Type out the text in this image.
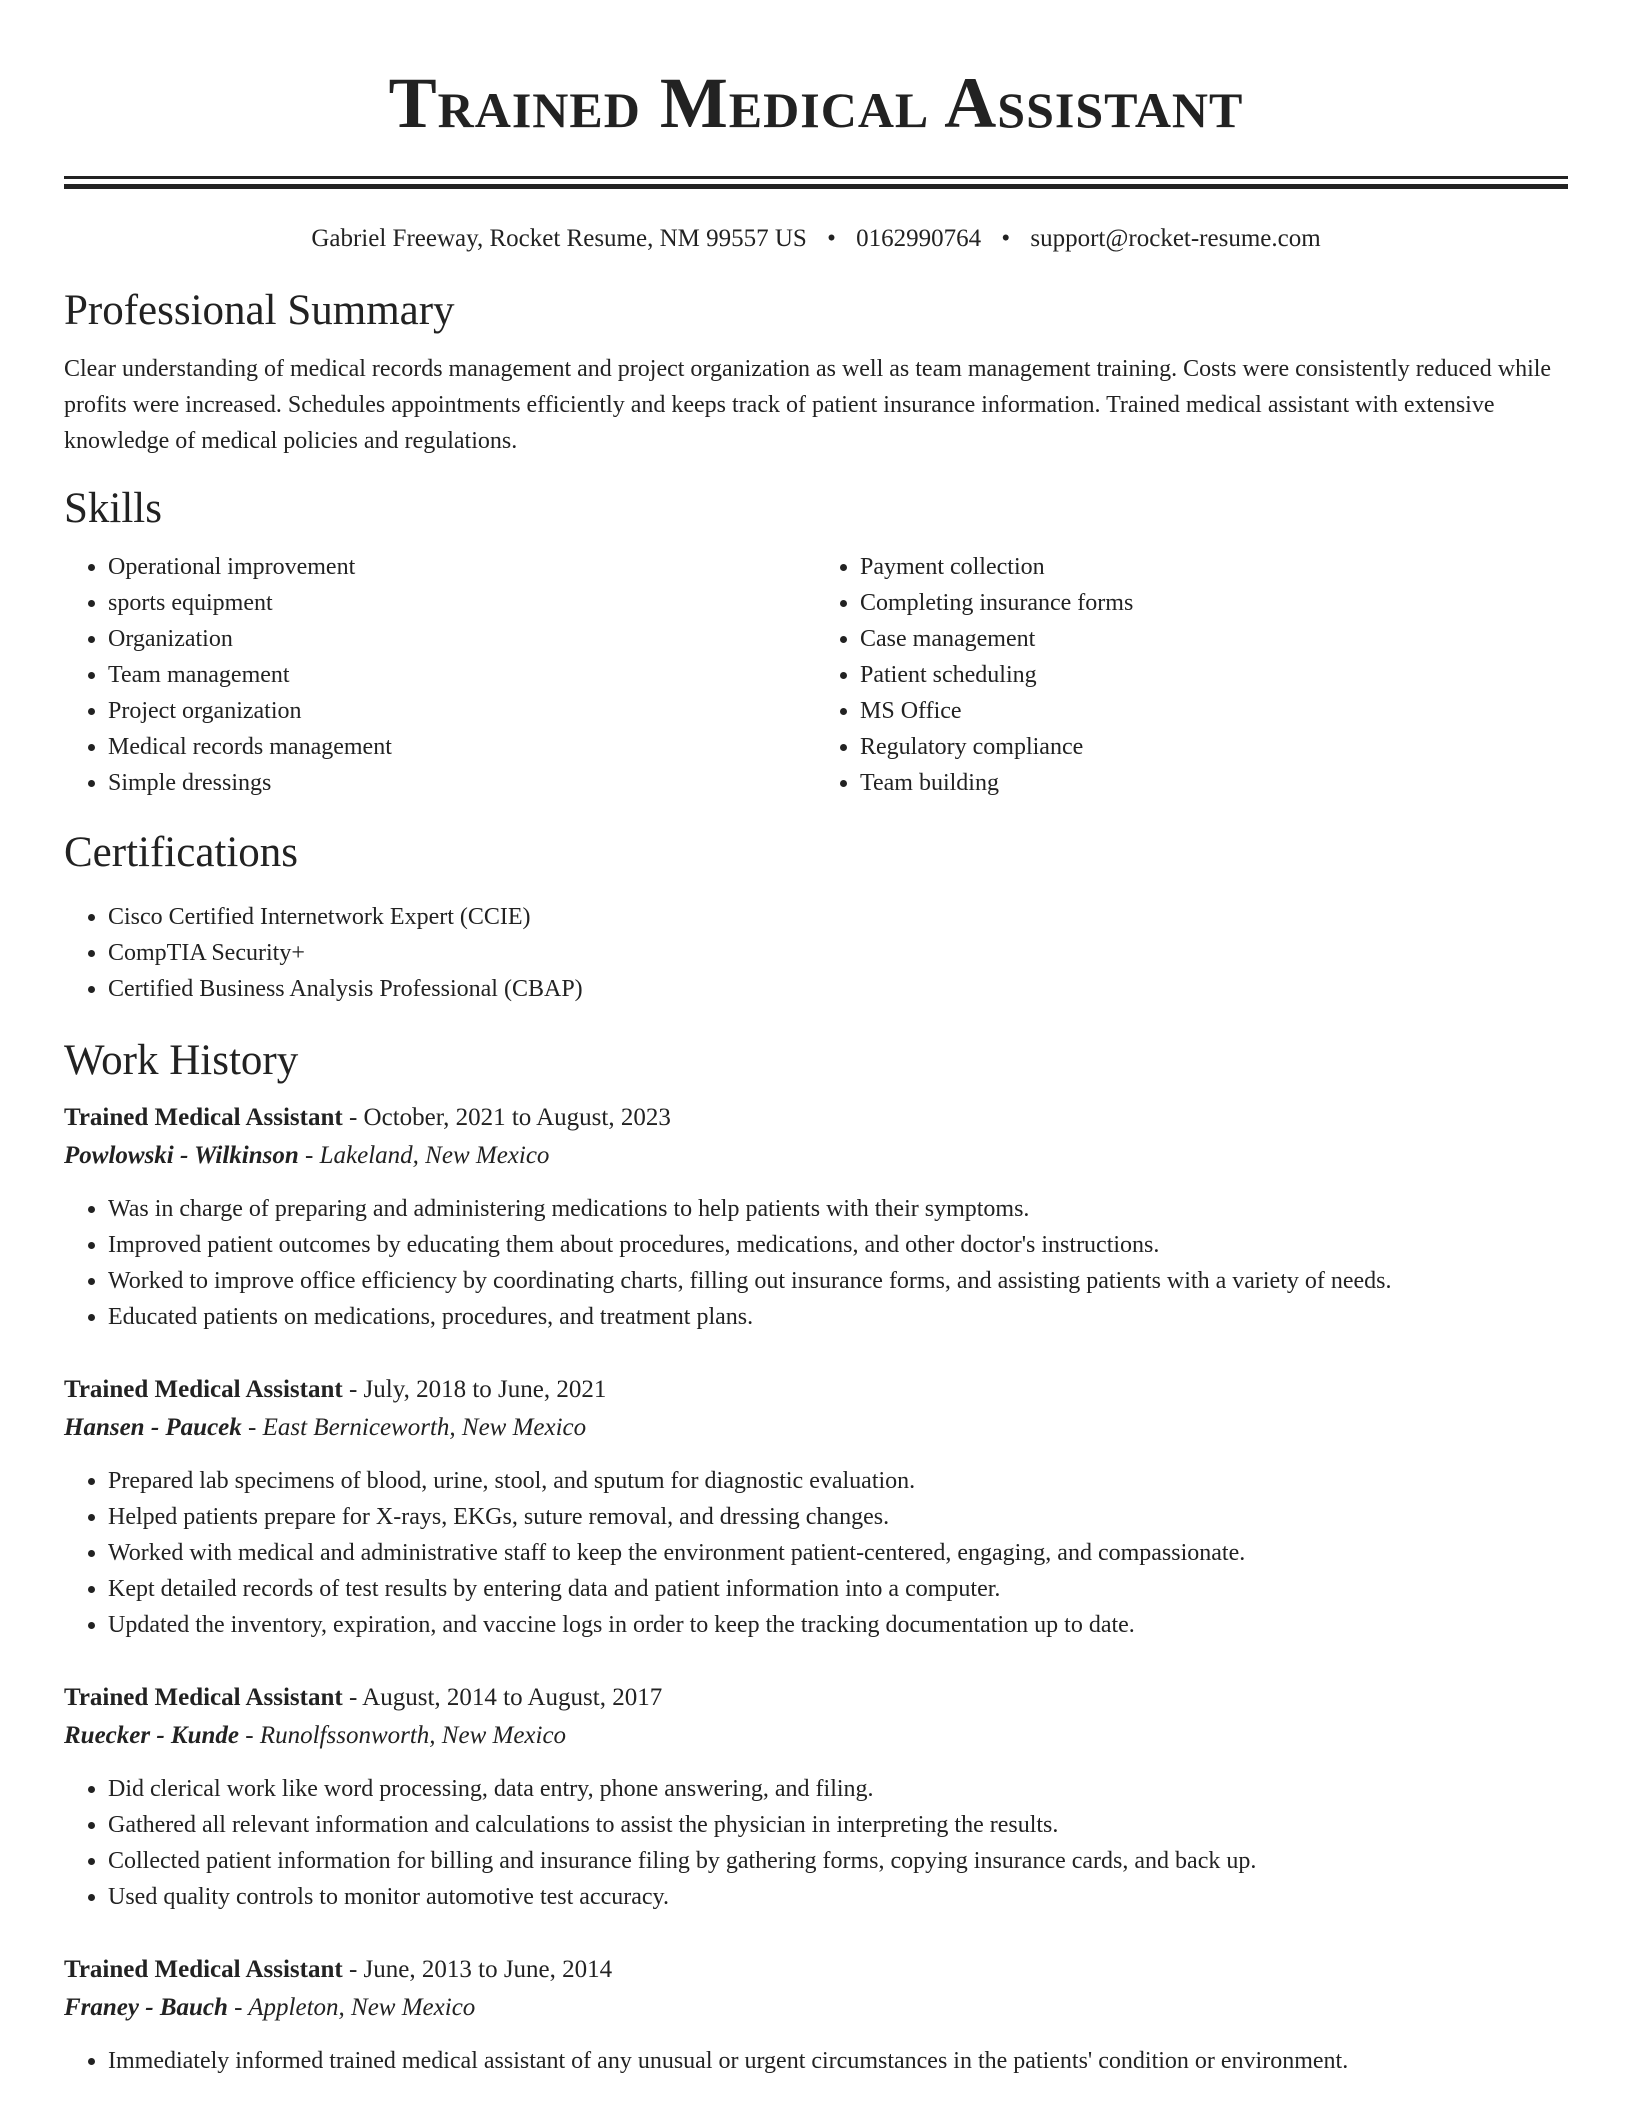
Trained Medical Assistant
Gabriel Freeway, Rocket Resume, NM 99557 US • 0162990764 • support@rocket-resume.com
Professional Summary

Clear understanding of medical records management and project organization as well as team management training. Costs were consistently reduced while profits were increased. Schedules appointments efficiently and keeps track of patient insurance information. Trained medical assistant with extensive knowledge of medical policies and regulations.

Skills
• Operational improvement
• sports equipment
• Organization
• Team management
• Project organization
• Medical records management
• Simple dressings
• Payment collection
• Completing insurance forms
• Case management
• Patient scheduling
• MS Office
• Regulatory compliance
• Team building
Certifications
• Cisco Certified Internetwork Expert (CCIE)
• CompTIA Security+
• Certified Business Analysis Professional (CBAP)
Work History
Trained Medical Assistant - October, 2021 to August, 2023
Powlowski - Wilkinson - Lakeland, New Mexico
• Was in charge of preparing and administering medications to help patients with their symptoms.
• Improved patient outcomes by educating them about procedures, medications, and other doctor's instructions.
• Worked to improve office efficiency by coordinating charts, filling out insurance forms, and assisting patients with a variety of needs.
• Educated patients on medications, procedures, and treatment plans.
Trained Medical Assistant - July, 2018 to June, 2021
Hansen - Paucek - East Berniceworth, New Mexico
• Prepared lab specimens of blood, urine, stool, and sputum for diagnostic evaluation.
• Helped patients prepare for X-rays, EKGs, suture removal, and dressing changes.
• Worked with medical and administrative staff to keep the environment patient-centered, engaging, and compassionate.
• Kept detailed records of test results by entering data and patient information into a computer.
• Updated the inventory, expiration, and vaccine logs in order to keep the tracking documentation up to date.
Trained Medical Assistant - August, 2014 to August, 2017
Ruecker - Kunde - Runolfssonworth, New Mexico
• Did clerical work like word processing, data entry, phone answering, and filing.
• Gathered all relevant information and calculations to assist the physician in interpreting the results.
• Collected patient information for billing and insurance filing by gathering forms, copying insurance cards, and back up.
• Used quality controls to monitor automotive test accuracy.
Trained Medical Assistant - June, 2013 to June, 2014
Franey - Bauch - Appleton, New Mexico
• Immediately informed trained medical assistant of any unusual or urgent circumstances in the patients' condition or environment.
